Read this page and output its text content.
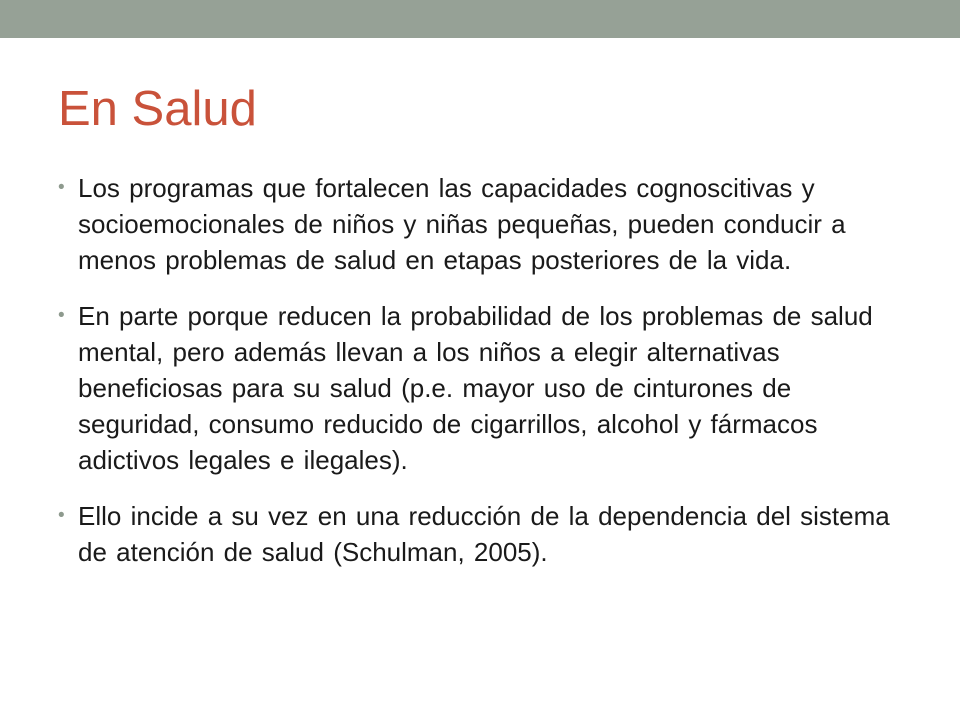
En Salud
• Los programas que fortalecen las capacidades cognoscitivas y socioemocionales de niños y niñas pequeñas, pueden conducir a menos problemas de salud en etapas posteriores de la vida.
• En parte porque reducen la probabilidad de los problemas de salud mental, pero además llevan a los niños a elegir alternativas beneficiosas para su salud (p.e. mayor uso de cinturones de seguridad, consumo reducido de cigarrillos, alcohol y fármacos adictivos legales e ilegales).
• Ello incide a su vez en una reducción de la dependencia del sistema de atención de salud (Schulman, 2005).
